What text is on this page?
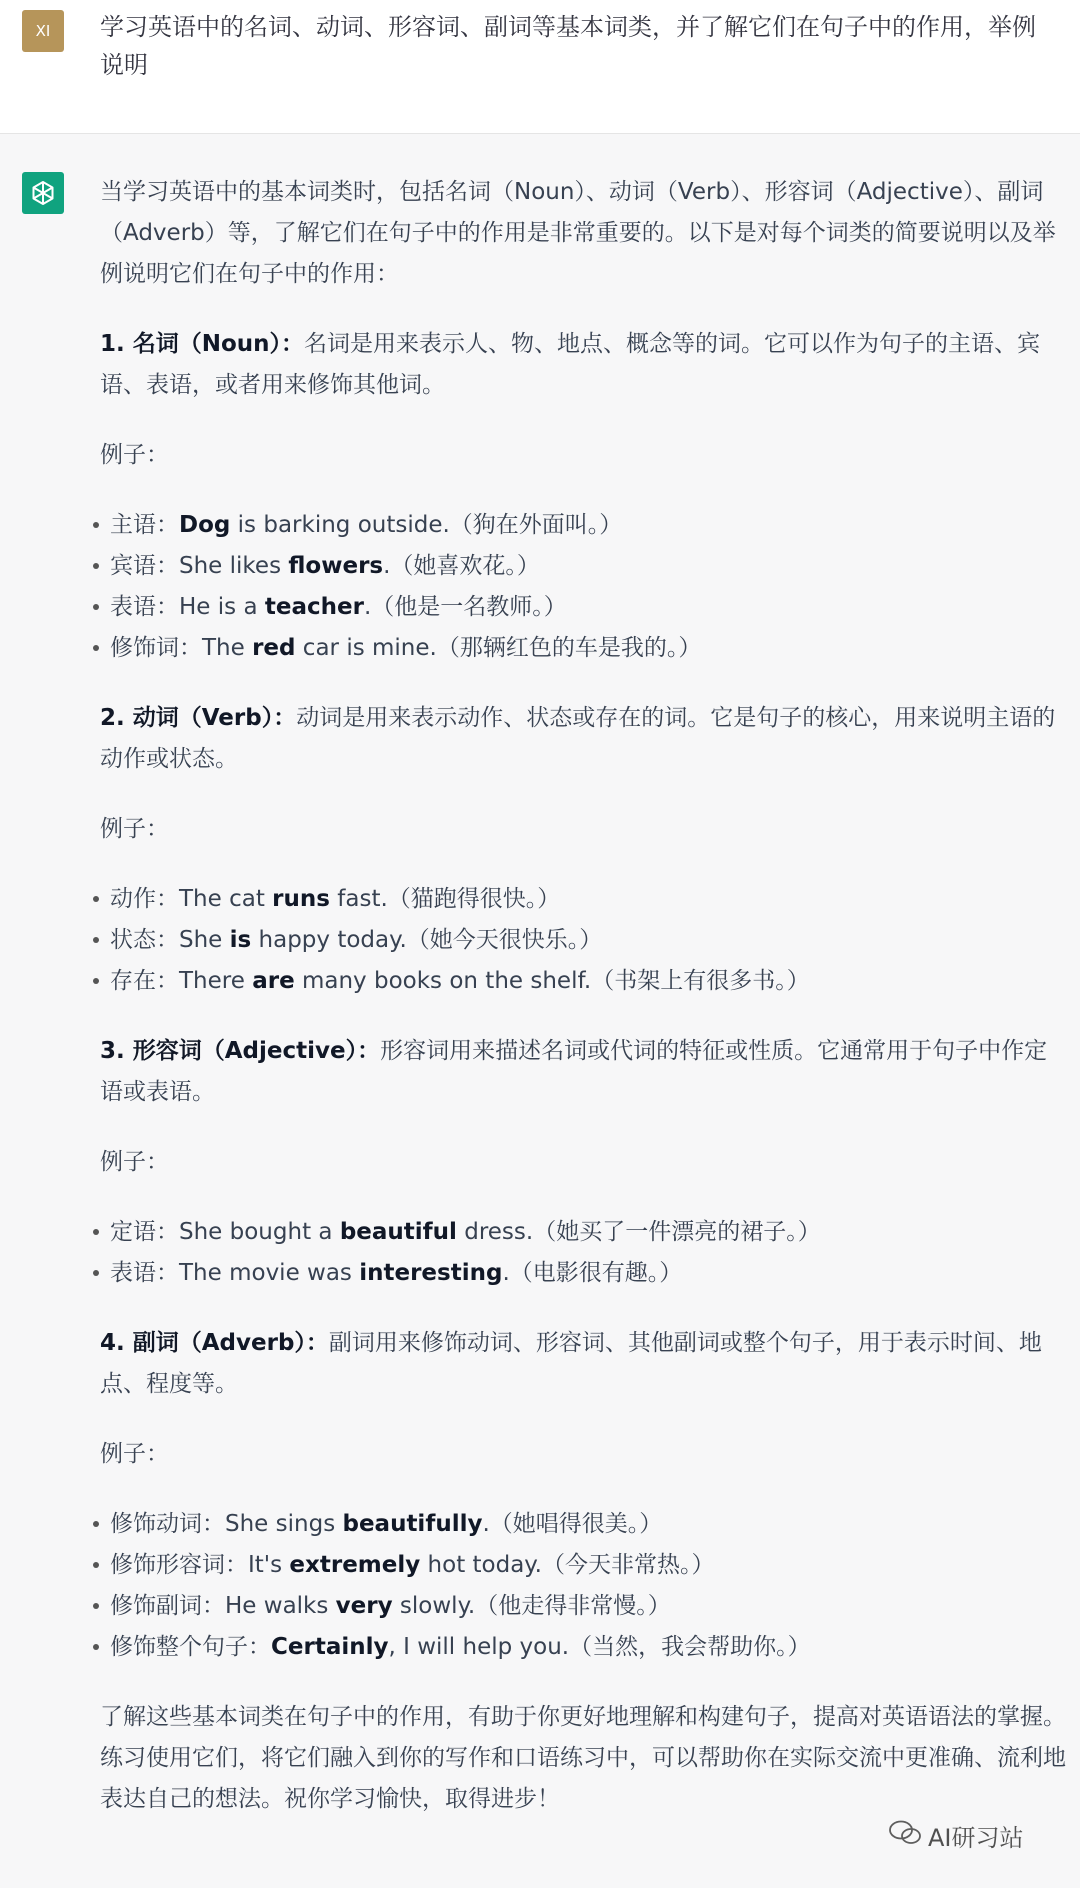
XI	学习英语中的名词、动词、形容词、副词等基本词类，并了解它们在句子中的作用，举例说明

当学习英语中的基本词类时，包括名词（Noun）、动词（Verb）、形容词（Adjective）、副词（Adverb）等，了解它们在句子中的作用是非常重要的。以下是对每个词类的简要说明以及举例说明它们在句子中的作用：

1. 名词（Noun）：名词是用来表示人、物、地点、概念等的词。它可以作为句子的主语、宾语、表语，或者用来修饰其他词。

例子：

主语：Dog is barking outside.（狗在外面叫。）
宾语：She likes flowers.（她喜欢花。）
表语：He is a teacher.（他是一名教师。）
修饰词：The red car is mine.（那辆红色的车是我的。）

2. 动词（Verb）：动词是用来表示动作、状态或存在的词。它是句子的核心，用来说明主语的动作或状态。

例子：

动作：The cat runs fast.（猫跑得很快。）
状态：She is happy today.（她今天很快乐。）
存在：There are many books on the shelf.（书架上有很多书。）

3. 形容词（Adjective）：形容词用来描述名词或代词的特征或性质。它通常用于句子中作定语或表语。

例子：

定语：She bought a beautiful dress.（她买了一件漂亮的裙子。）
表语：The movie was interesting.（电影很有趣。）

4. 副词（Adverb）：副词用来修饰动词、形容词、其他副词或整个句子，用于表示时间、地点、程度等。

例子：

修饰动词：She sings beautifully.（她唱得很美。）
修饰形容词：It's extremely hot today.（今天非常热。）
修饰副词：He walks very slowly.（他走得非常慢。）
修饰整个句子：Certainly, I will help you.（当然，我会帮助你。）

了解这些基本词类在句子中的作用，有助于你更好地理解和构建句子，提高对英语语法的掌握。练习使用它们，将它们融入到你的写作和口语练习中，可以帮助你在实际交流中更准确、流利地表达自己的想法。祝你学习愉快，取得进步！

AI研习站
